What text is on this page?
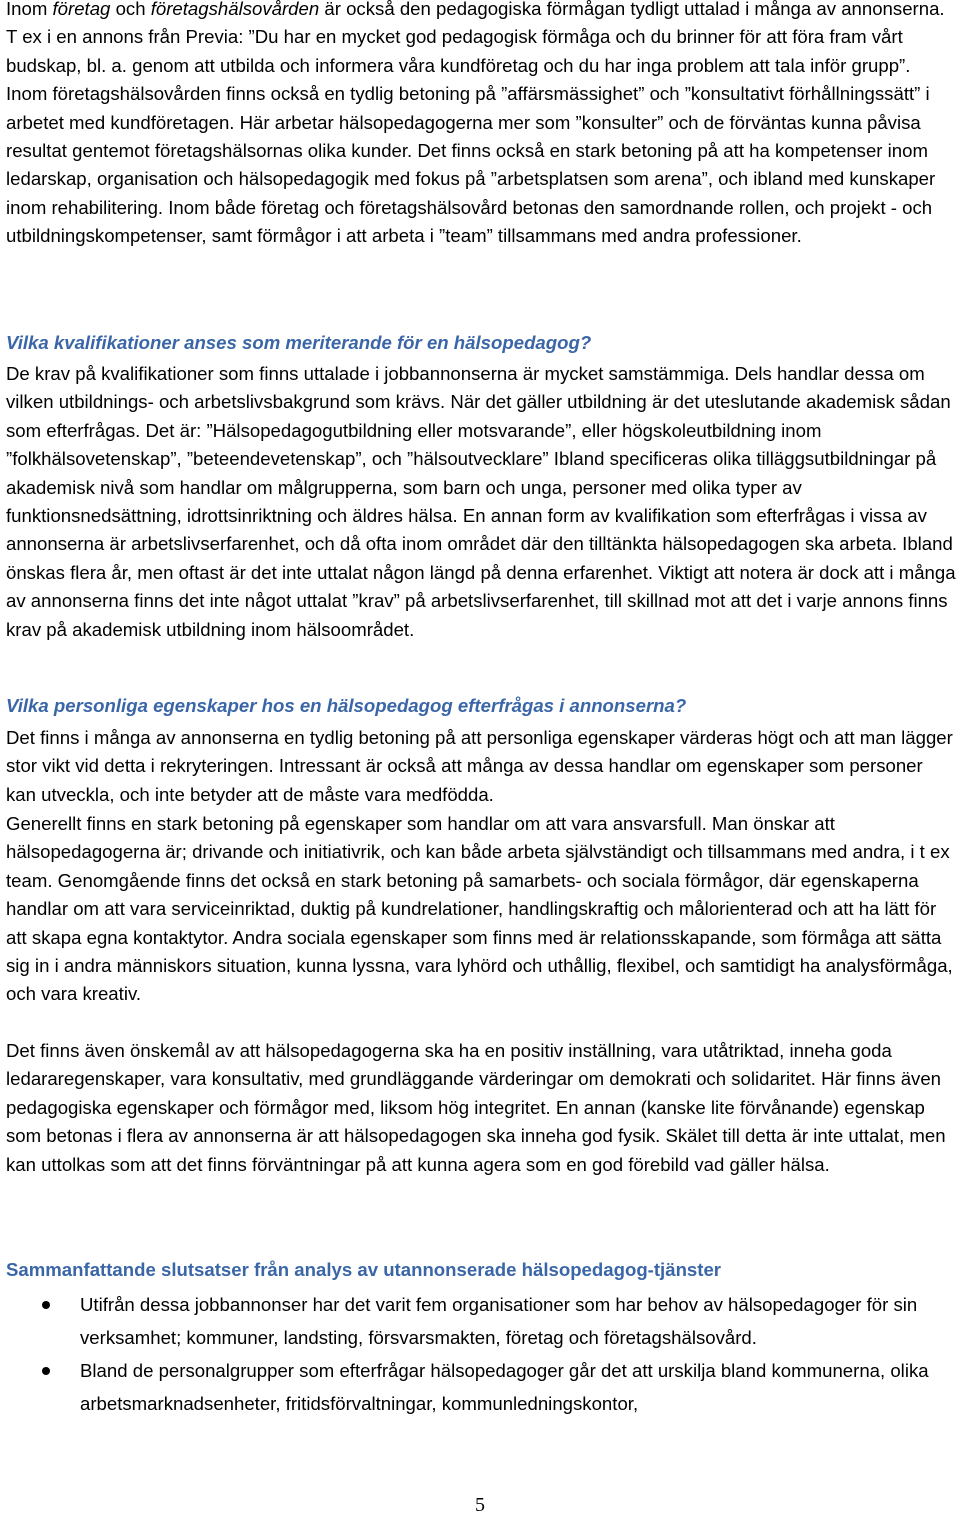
Inom företag och företagshälsovården är också den pedagogiska förmågan tydligt uttalad i många av annonserna. T ex i en annons från Previa: ”Du har en mycket god pedagogisk förmåga och du brinner för att föra fram vårt budskap, bl. a. genom att utbilda och informera våra kundföretag och du har inga problem att tala inför grupp”. Inom företagshälsovården finns också en tydlig betoning på ”affärsmässighet” och ”konsultativt förhållningssätt” i arbetet med kundföretagen. Här arbetar hälsopedagogerna mer som ”konsulter” och de förväntas kunna påvisa resultat gentemot företagshälsornas olika kunder. Det finns också en stark betoning på att ha kompetenser inom ledarskap, organisation och hälsopedagogik med fokus på ”arbetsplatsen som arena”, och ibland med kunskaper inom rehabilitering. Inom både företag och företagshälsovård betonas den samordnande rollen, och projekt - och utbildningskompetenser, samt förmågor i att arbeta i ”team” tillsammans med andra professioner.

Vilka kvalifikationer anses som meriterande för en hälsopedagog?

De krav på kvalifikationer som finns uttalade i jobbannonserna är mycket samstämmiga. Dels handlar dessa om vilken utbildnings- och arbetslivsbakgrund som krävs. När det gäller utbildning är det uteslutande akademisk sådan som efterfrågas. Det är: ”Hälsopedagogutbildning eller motsvarande”, eller högskoleutbildning inom ”folkhälsovetenskap”, ”beteendevetenskap”, och ”hälsoutvecklare” Ibland specificeras olika tilläggsutbildningar på akademisk nivå som handlar om målgrupperna, som barn och unga, personer med olika typer av funktionsnedsättning, idrottsinriktning och äldres hälsa. En annan form av kvalifikation som efterfrågas i vissa av annonserna är arbetslivserfarenhet, och då ofta inom området där den tilltänkta hälsopedagogen ska arbeta. Ibland önskas flera år, men oftast är det inte uttalat någon längd på denna erfarenhet. Viktigt att notera är dock att i många av annonserna finns det inte något uttalat ”krav” på arbetslivserfarenhet, till skillnad mot att det i varje annons finns krav på akademisk utbildning inom hälsoområdet.

Vilka personliga egenskaper hos en hälsopedagog efterfrågas i annonserna?

Det finns i många av annonserna en tydlig betoning på att personliga egenskaper värderas högt och att man lägger stor vikt vid detta i rekryteringen. Intressant är också att många av dessa handlar om egenskaper som personer kan utveckla, och inte betyder att de måste vara medfödda.

Generellt finns en stark betoning på egenskaper som handlar om att vara ansvarsfull. Man önskar att hälsopedagogerna är; drivande och initiativrik, och kan både arbeta självständigt och tillsammans med andra, i t ex team. Genomgående finns det också en stark betoning på samarbets- och sociala förmågor, där egenskaperna handlar om att vara serviceinriktad, duktig på kundrelationer, handlingskraftig och målorienterad och att ha lätt för att skapa egna kontaktytor. Andra sociala egenskaper som finns med är relationsskapande, som förmåga att sätta sig in i andra människors situation, kunna lyssna, vara lyhörd och uthållig, flexibel, och samtidigt ha analysförmåga, och vara kreativ.

Det finns även önskemål av att hälsopedagogerna ska ha en positiv inställning, vara utåtriktad, inneha goda ledararegenskaper, vara konsultativ, med grundläggande värderingar om demokrati och solidaritet. Här finns även pedagogiska egenskaper och förmågor med, liksom hög integritet. En annan (kanske lite förvånande) egenskap som betonas i flera av annonserna är att hälsopedagogen ska inneha god fysik. Skälet till detta är inte uttalat, men kan uttolkas som att det finns förväntningar på att kunna agera som en god förebild vad gäller hälsa.

Sammanfattande slutsatser från analys av utannonserade hälsopedagog-tjänster
Utifrån dessa jobbannonser har det varit fem organisationer som har behov av hälsopedagoger för sin verksamhet; kommuner, landsting, försvarsmakten, företag och företagshälsovård.
Bland de personalgrupper som efterfrågar hälsopedagoger går det att urskilja bland kommunerna, olika arbetsmarknadsenheter, fritidsförvaltningar, kommunledningskontor,
5
